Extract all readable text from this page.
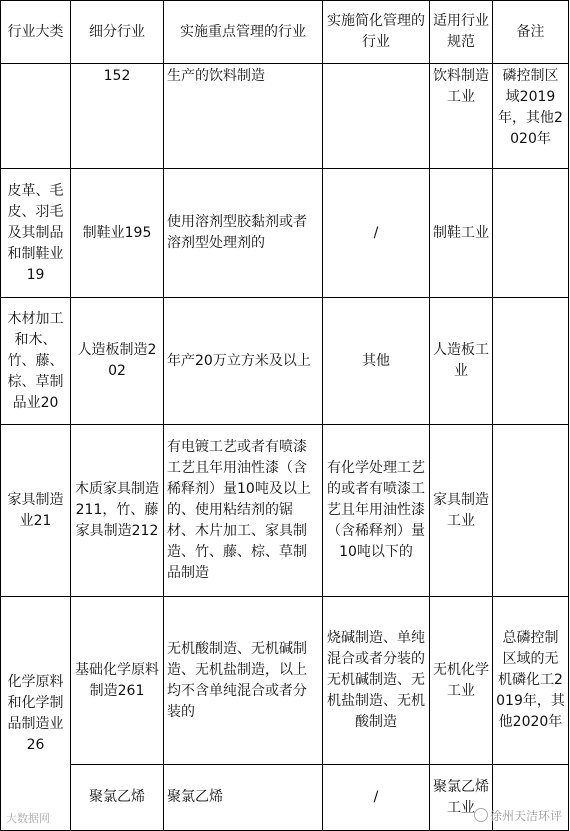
行业大类	细分行业	实施重点管理的行业	实施简化管理的行业	适用行业规范	备注
	152	生产的饮料制造		饮料制造工业	磷控制区域2019年，其他2020年
皮革、毛皮、羽毛及其制品和制鞋业19	制鞋业195	使用溶剂型胶黏剂或者溶剂型处理剂的	/	制鞋工业	
木材加工和木、竹、藤、棕、草制品业20	人造板制造202	年产20万立方米及以上	其他	人造板工业	
家具制造业21	木质家具制造211，竹、藤家具制造212	有电镀工艺或者有喷漆工艺且年用油性漆（含稀释剂）量10吨及以上的、使用粘结剂的锯材、木片加工、家具制造、竹、藤、棕、草制品制造	有化学处理工艺的或者有喷漆工艺且年用油性漆（含稀释剂）量10吨以下的	家具制造工业	
化学原料和化学制品制造业26	基础化学原料制造261	无机酸制造、无机碱制造、无机盐制造，以上均不含单纯混合或者分装的	烧碱制造、单纯混合或者分装的无机碱制造、无机盐制造、无机酸制造	无机化学工业	总磷控制区域的无机磷化工2019年，其他2020年
	聚氯乙烯	聚氯乙烯	/	聚氯乙烯工业	
大数据网	徐州天洁环评
